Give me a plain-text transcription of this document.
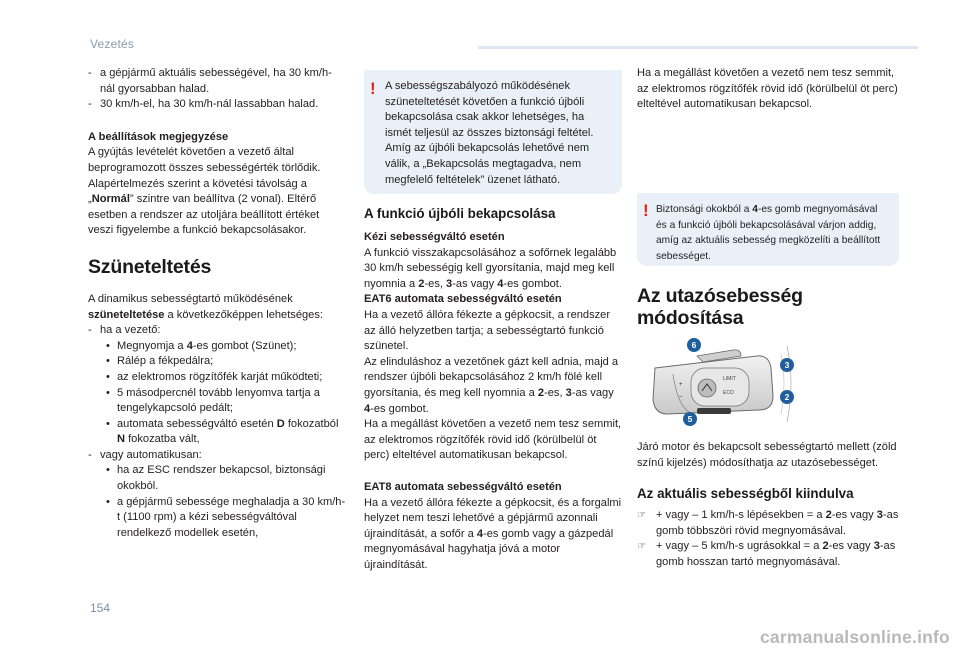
Vezetés

- a gépjármű aktuális sebességével, ha 30 km/h-nál gyorsabban halad.

- 30 km/h-el, ha 30 km/h-nál lassabban halad.

A beállítások megjegyzése

A gyújtás levételét követően a vezető által beprogramozott összes sebességérték törlődik. Alapértelmezés szerint a követési távolság a „Normál” szintre van beállítva (2 vonal). Eltérő esetben a rendszer az utoljára beállított értéket veszi figyelembe a funkció bekapcsolásakor.

Szüneteltetés

A dinamikus sebességtartó működésének szüneteltetése a következőképpen lehetséges:

- ha a vezető:

• Megnyomja a 4-es gombot (Szünet);

• Rálép a fékpedálra;

• az elektromos rögzítőfék karját működteti;

• 5 másodpercnél tovább lenyomva tartja a tengelykapcsoló pedált;

• automata sebességváltó esetén D fokozatból N fokozatba vált,

- vagy automatikusan:

• ha az ESC rendszer bekapcsol, biztonsági okokból.

• a gépjármű sebessége meghaladja a 30 km/h-t (1100 rpm) a kézi sebességváltóval rendelkező modellek esetén,

! A sebességszabályozó működésének szüneteltetését követően a funkció újbóli bekapcsolása csak akkor lehetséges, ha ismét teljesül az összes biztonsági feltétel. Amíg az újbóli bekapcsolás lehetővé nem válik, a „Bekapcsolás megtagadva, nem megfelelő feltételek” üzenet látható.

A funkció újbóli bekapcsolása

Kézi sebességváltó esetén

A funkció visszakapcsolásához a sofőrnek legalább 30 km/h sebességig kell gyorsítania, majd meg kell nyomnia a 2-es, 3-as vagy 4-es gombot.

EAT6 automata sebességváltó esetén

Ha a vezető állóra fékezte a gépkocsit, a rendszer az álló helyzetben tartja; a sebességtartó funkció szünetel.

Az elinduláshoz a vezetőnek gázt kell adnia, majd a rendszer újbóli bekapcsolásához 2 km/h fölé kell gyorsítania, és meg kell nyomnia a 2-es, 3-as vagy 4-es gombot.

Ha a megállást követően a vezető nem tesz semmit, az elektromos rögzítőfék rövid idő (körülbelül öt perc) elteltével automatikusan bekapcsol.

EAT8 automata sebességváltó esetén

Ha a vezető állóra fékezte a gépkocsit, és a forgalmi helyzet nem teszi lehetővé a gépjármű azonnali újraindítását, a sofőr a 4-es gomb vagy a gázpedál megnyomásával hagyhatja jóvá a motor újraindítását.

Ha a megállást követően a vezető nem tesz semmit, az elektromos rögzítőfék rövid idő (körülbelül öt perc) elteltével automatikusan bekapcsol.

! Biztonsági okokból a 4-es gomb megnyomásával és a funkció újbóli bekapcsolásával várjon addig, amíg az aktuális sebesség megközelíti a beállított sebességet.

Az utazósebesség
módosítása
LIMIT
ECO
+
–
6
3
2
5

Járó motor és bekapcsolt sebességtartó mellett (zöld színű kijelzés) módosíthatja az utazósebességet.

Az aktuális sebességből kiindulva

☞ + vagy – 1 km/h-s lépésekben = a 2-es vagy 3-as gomb többszöri rövid megnyomásával.

☞ + vagy – 5 km/h-s ugrásokkal = a 2-es vagy 3-as gomb hosszan tartó megnyomásával.

154
carmanualsonline.info
